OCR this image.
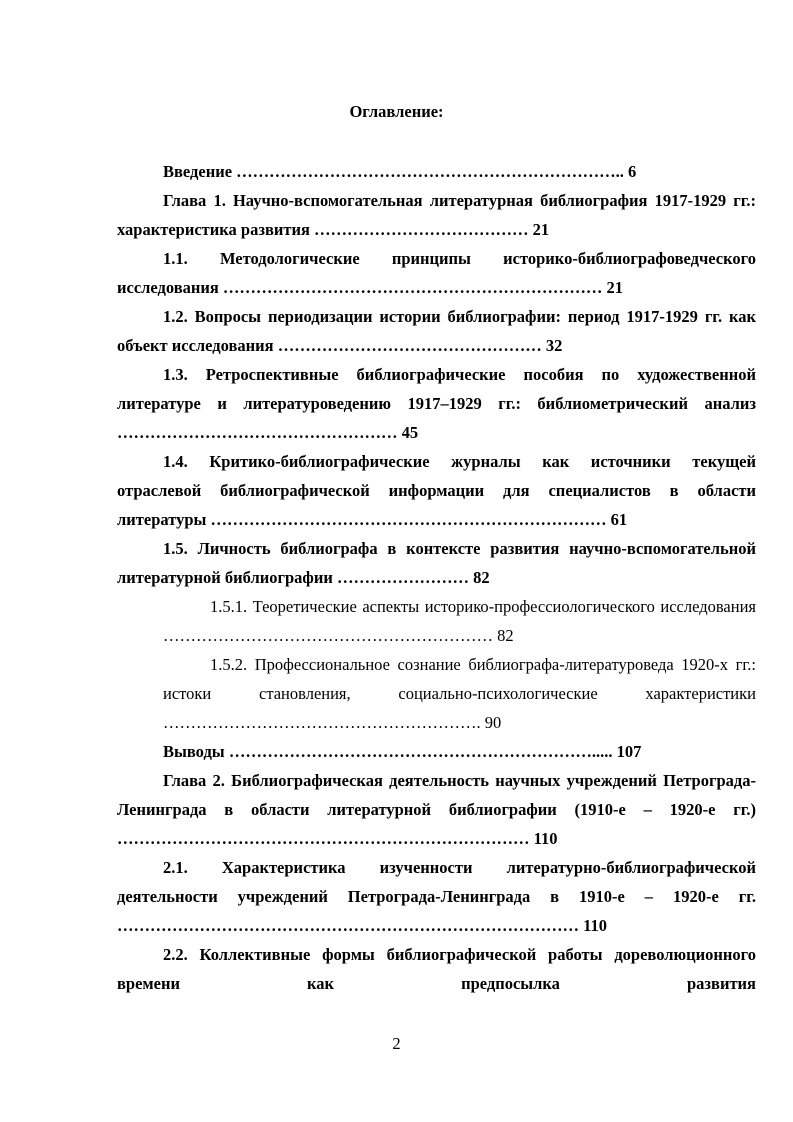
Оглавление:
Введение …………………………………………………………….. 6
Глава 1. Научно-вспомогательная литературная библиография 1917-1929 гг.: характеристика развития ………………………………… 21
1.1. Методологические принципы историко-библиографоведческого исследования …………………………………………………………… 21
1.2. Вопросы периодизации истории библиографии: период 1917-1929 гг. как объект исследования ………………………………………… 32
1.3. Ретроспективные библиографические пособия по художественной литературе и литературоведению 1917–1929 гг.: библиометрический анализ …………………………………………… 45
1.4. Критико-библиографические журналы как источники текущей отраслевой библиографической информации для специалистов в области литературы ……………………………………………………………… 61
1.5. Личность библиографа в контексте развития научно-вспомогательной литературной библиографии …………………… 82
1.5.1. Теоретические аспекты историко-профессиологического исследования …………………………………………………… 82
1.5.2. Профессиональное сознание библиографа-литературоведа 1920-х гг.: истоки становления, социально-психологические характеристики …………………………………………………. 90
Выводы …………………………………………………………..... 107
Глава 2. Библиографическая деятельность научных учреждений Петрограда-Ленинграда в области литературной библиографии (1910-е – 1920-е гг.) ………………………………………………………………… 110
2.1. Характеристика изученности литературно-библиографической деятельности учреждений Петрограда-Ленинграда в 1910-е – 1920-е гг. ………………………………………………………………………… 110
2.2. Коллективные формы библиографической работы дореволюционного времени как предпосылка развития
2
